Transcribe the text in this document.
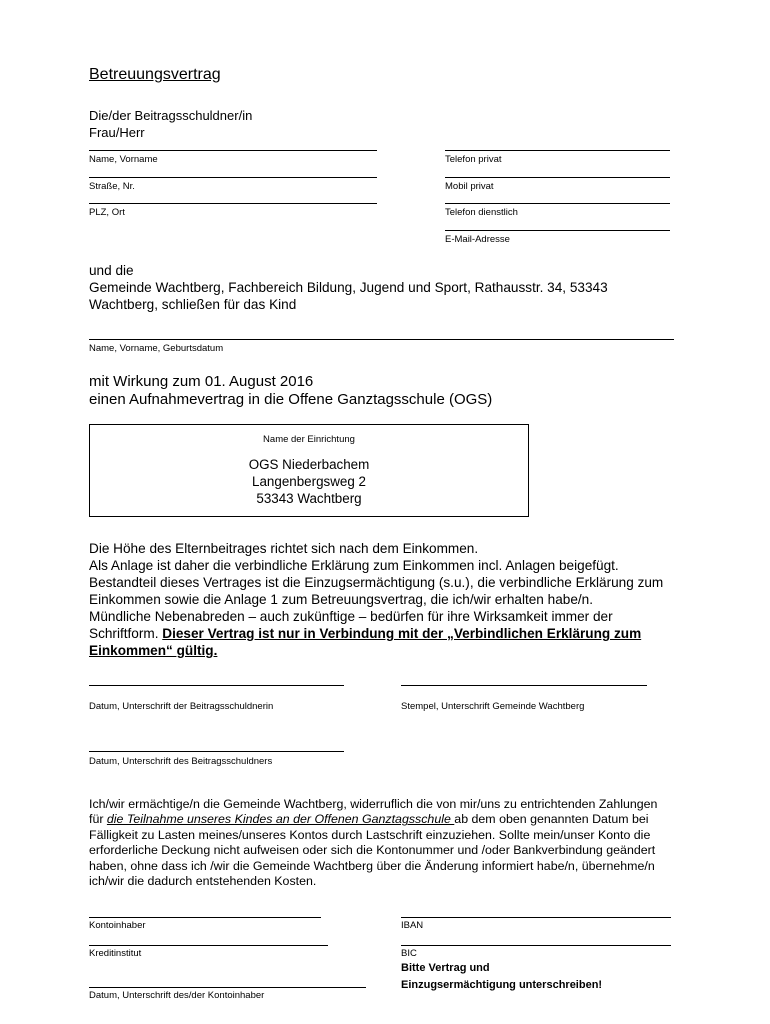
Betreuungsvertrag
Die/der Beitragsschuldner/in
Frau/Herr
Name, Vorname
Straße, Nr.
PLZ, Ort
Telefon privat
Mobil privat
Telefon dienstlich
E-Mail-Adresse
und die
Gemeinde Wachtberg, Fachbereich Bildung, Jugend und Sport, Rathausstr. 34, 53343
Wachtberg, schließen für das Kind
Name, Vorname, Geburtsdatum
mit Wirkung zum 01. August 2016
einen Aufnahmevertrag in die Offene Ganztagsschule (OGS)
Name der Einrichtung
OGS Niederbachem
Langenbergsweg 2
53343 Wachtberg
Die Höhe des Elternbeitrages richtet sich nach dem Einkommen.
Als Anlage ist daher die verbindliche Erklärung zum Einkommen incl. Anlagen beigefügt.
Bestandteil dieses Vertrages ist die Einzugsermächtigung (s.u.), die verbindliche Erklärung zum
Einkommen sowie die Anlage 1 zum Betreuungsvertrag, die ich/wir erhalten habe/n.
Mündliche Nebenabreden – auch zukünftige – bedürfen für ihre Wirksamkeit immer der
Schriftform. Dieser Vertrag ist nur in Verbindung mit der „Verbindlichen Erklärung zum
Einkommen“ gültig.
Datum, Unterschrift der Beitragsschuldnerin	Stempel, Unterschrift Gemeinde Wachtberg
Datum, Unterschrift des Beitragsschuldners
Ich/wir ermächtige/n die Gemeinde Wachtberg, widerruflich die von mir/uns zu entrichtenden Zahlungen
für die Teilnahme unseres Kindes an der Offenen Ganztagsschule ab dem oben genannten Datum bei
Fälligkeit zu Lasten meines/unseres Kontos durch Lastschrift einzuziehen. Sollte mein/unser Konto die
erforderliche Deckung nicht aufweisen oder sich die Kontonummer und /oder Bankverbindung geändert
haben, ohne dass ich /wir die Gemeinde Wachtberg über die Änderung informiert habe/n, übernehme/n
ich/wir die dadurch entstehenden Kosten.
Kontoinhaber	IBAN
Kreditinstitut	BIC
Bitte Vertrag und
Einzugsermächtigung unterschreiben!
Datum, Unterschrift des/der Kontoinhaber
